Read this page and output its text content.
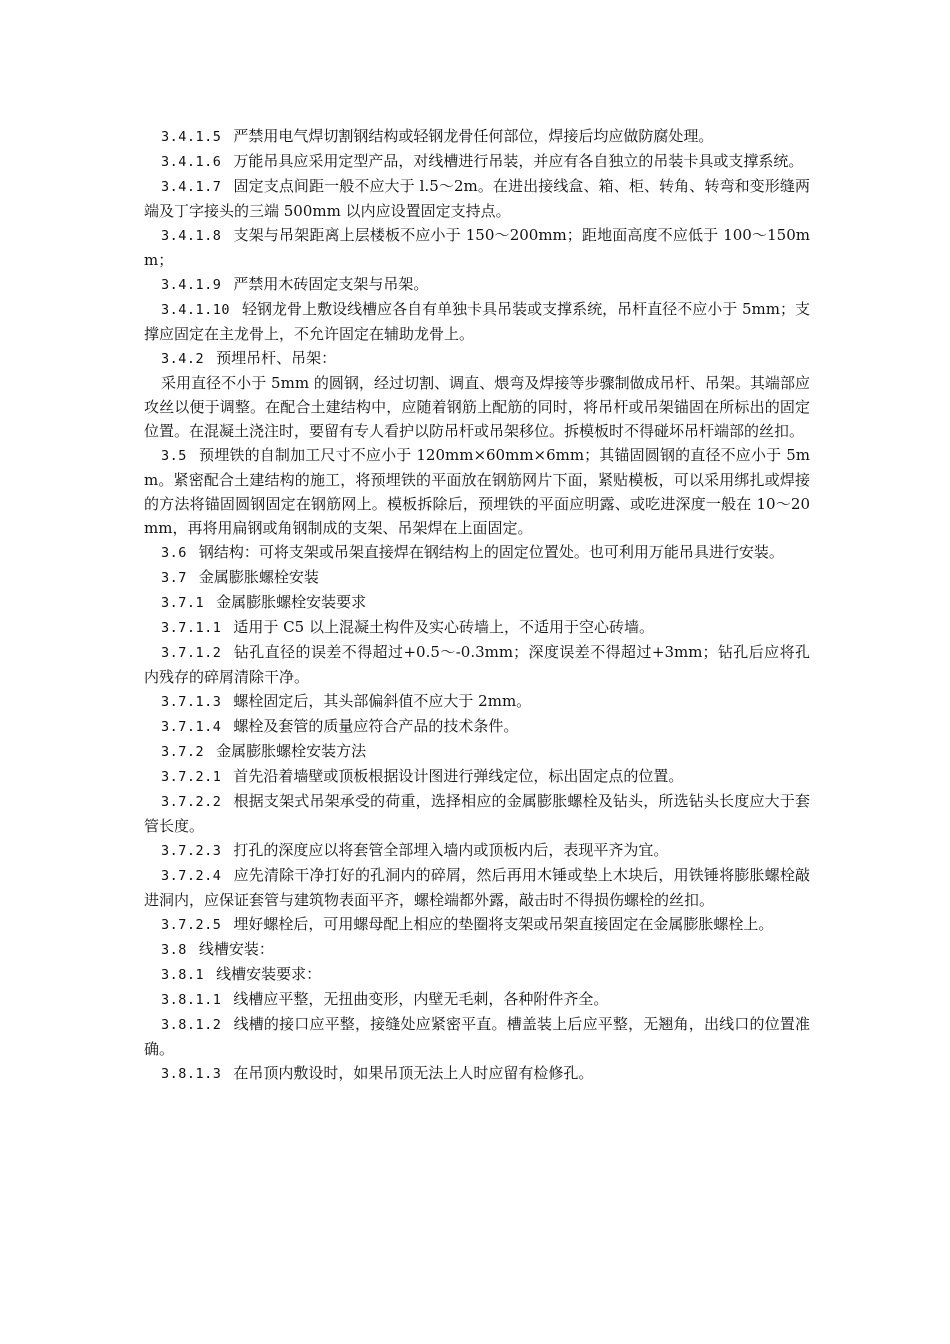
3.4.1.5 严禁用电气焊切割钢结构或轻钢龙骨任何部位，焊接后均应做防腐处理。

3.4.1.6 万能吊具应采用定型产品，对线槽进行吊装，并应有各自独立的吊装卡具或支撑系统。

3.4.1.7 固定支点间距一般不应大于 l.5～2m。在进出接线盒、箱、柜、转角、转弯和变形缝两端及丁字接头的三端 500mm 以内应设置固定支持点。

3.4.1.8 支架与吊架距离上层楼板不应小于 150～200mm；距地面高度不应低于 100～150mm；

3.4.1.9 严禁用木砖固定支架与吊架。

3.4.1.10 轻钢龙骨上敷设线槽应各自有单独卡具吊装或支撑系统，吊杆直径不应小于 5mm；支撑应固定在主龙骨上，不允许固定在辅助龙骨上。

3.4.2 预埋吊杆、吊架：

采用直径不小于 5mm 的圆钢，经过切割、调直、煨弯及焊接等步骤制做成吊杆、吊架。其端部应攻丝以便于调整。在配合土建结构中，应随着钢筋上配筋的同时，将吊杆或吊架锚固在所标出的固定位置。在混凝土浇注时，要留有专人看护以防吊杆或吊架移位。拆模板时不得碰坏吊杆端部的丝扣。

3.5 预埋铁的自制加工尺寸不应小于 120mm×60mm×6mm；其锚固圆钢的直径不应小于 5mm。紧密配合土建结构的施工，将预埋铁的平面放在钢筋网片下面，紧贴模板，可以采用绑扎或焊接的方法将锚固圆钢固定在钢筋网上。模板拆除后，预埋铁的平面应明露、或吃进深度一般在 10～20mm，再将用扁钢或角钢制成的支架、吊架焊在上面固定。

3.6 钢结构：可将支架或吊架直接焊在钢结构上的固定位置处。也可利用万能吊具进行安装。

3.7 金属膨胀螺栓安装

3.7.1 金属膨胀螺栓安装要求

3.7.1.1 适用于 C5 以上混凝土构件及实心砖墙上，不适用于空心砖墙。

3.7.1.2 钻孔直径的误差不得超过+0.5～-0.3mm；深度误差不得超过+3mm；钻孔后应将孔内残存的碎屑清除干净。

3.7.1.3 螺栓固定后，其头部偏斜值不应大于 2mm。

3.7.1.4 螺栓及套管的质量应符合产品的技术条件。

3.7.2 金属膨胀螺栓安装方法

3.7.2.1 首先沿着墙壁或顶板根据设计图进行弹线定位，标出固定点的位置。

3.7.2.2 根据支架式吊架承受的荷重，选择相应的金属膨胀螺栓及钻头，所选钻头长度应大于套管长度。

3.7.2.3 打孔的深度应以将套管全部埋入墙内或顶板内后，表现平齐为宜。

3.7.2.4 应先清除干净打好的孔洞内的碎屑，然后再用木锤或垫上木块后，用铁锤将膨胀螺栓敲进洞内，应保证套管与建筑物表面平齐，螺栓端都外露，敲击时不得损伤螺栓的丝扣。

3.7.2.5 埋好螺栓后，可用螺母配上相应的垫圈将支架或吊架直接固定在金属膨胀螺栓上。

3.8 线槽安装：

3.8.1 线槽安装要求：

3.8.1.1 线槽应平整，无扭曲变形，内壁无毛刺，各种附件齐全。

3.8.1.2 线槽的接口应平整，接缝处应紧密平直。槽盖装上后应平整，无翘角，出线口的位置准确。

3.8.1.3 在吊顶内敷设时，如果吊顶无法上人时应留有检修孔。
